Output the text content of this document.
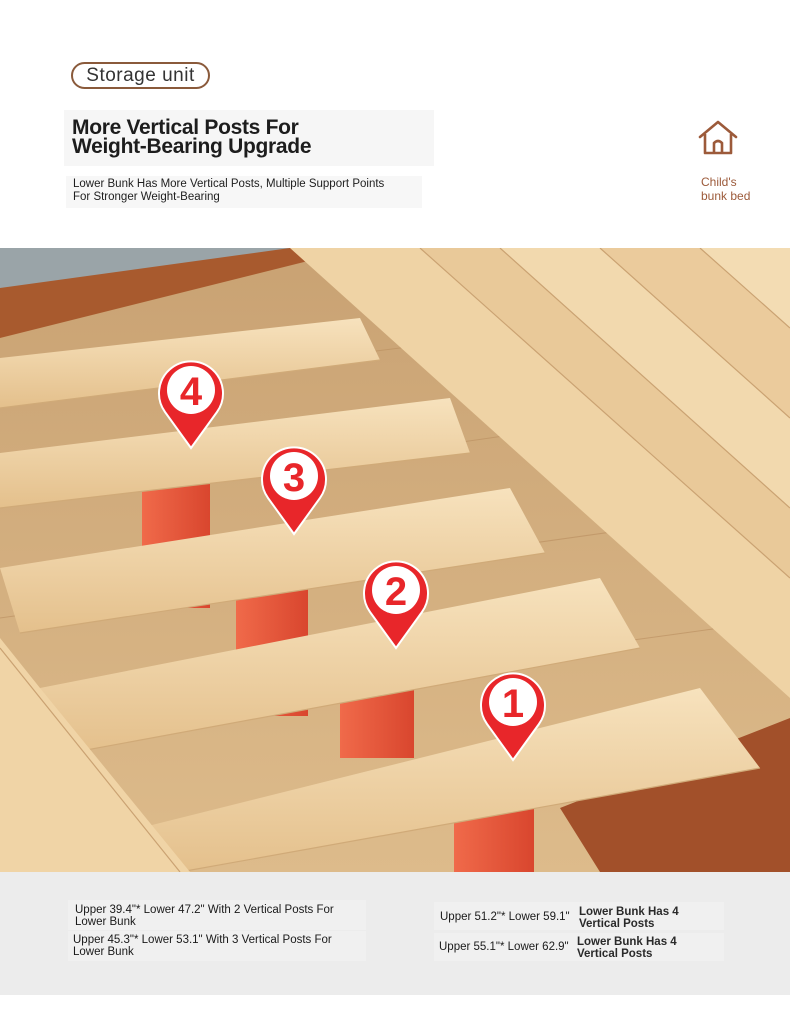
Storage unit
More Vertical Posts For
Weight-Bearing Upgrade
Lower Bunk Has More Vertical Posts, Multiple Support Points
For Stronger Weight-Bearing
Child's
bunk bed
4
3
2
1
Upper 39.4"* Lower 47.2" With 2 Vertical Posts For
Lower Bunk
Upper 45.3"* Lower 53.1" With 3 Vertical Posts For
Lower Bunk
Upper 51.2"* Lower 59.1" Lower Bunk Has 4
Vertical Posts
Upper 55.1"* Lower 62.9" Lower Bunk Has 4
Vertical Posts
